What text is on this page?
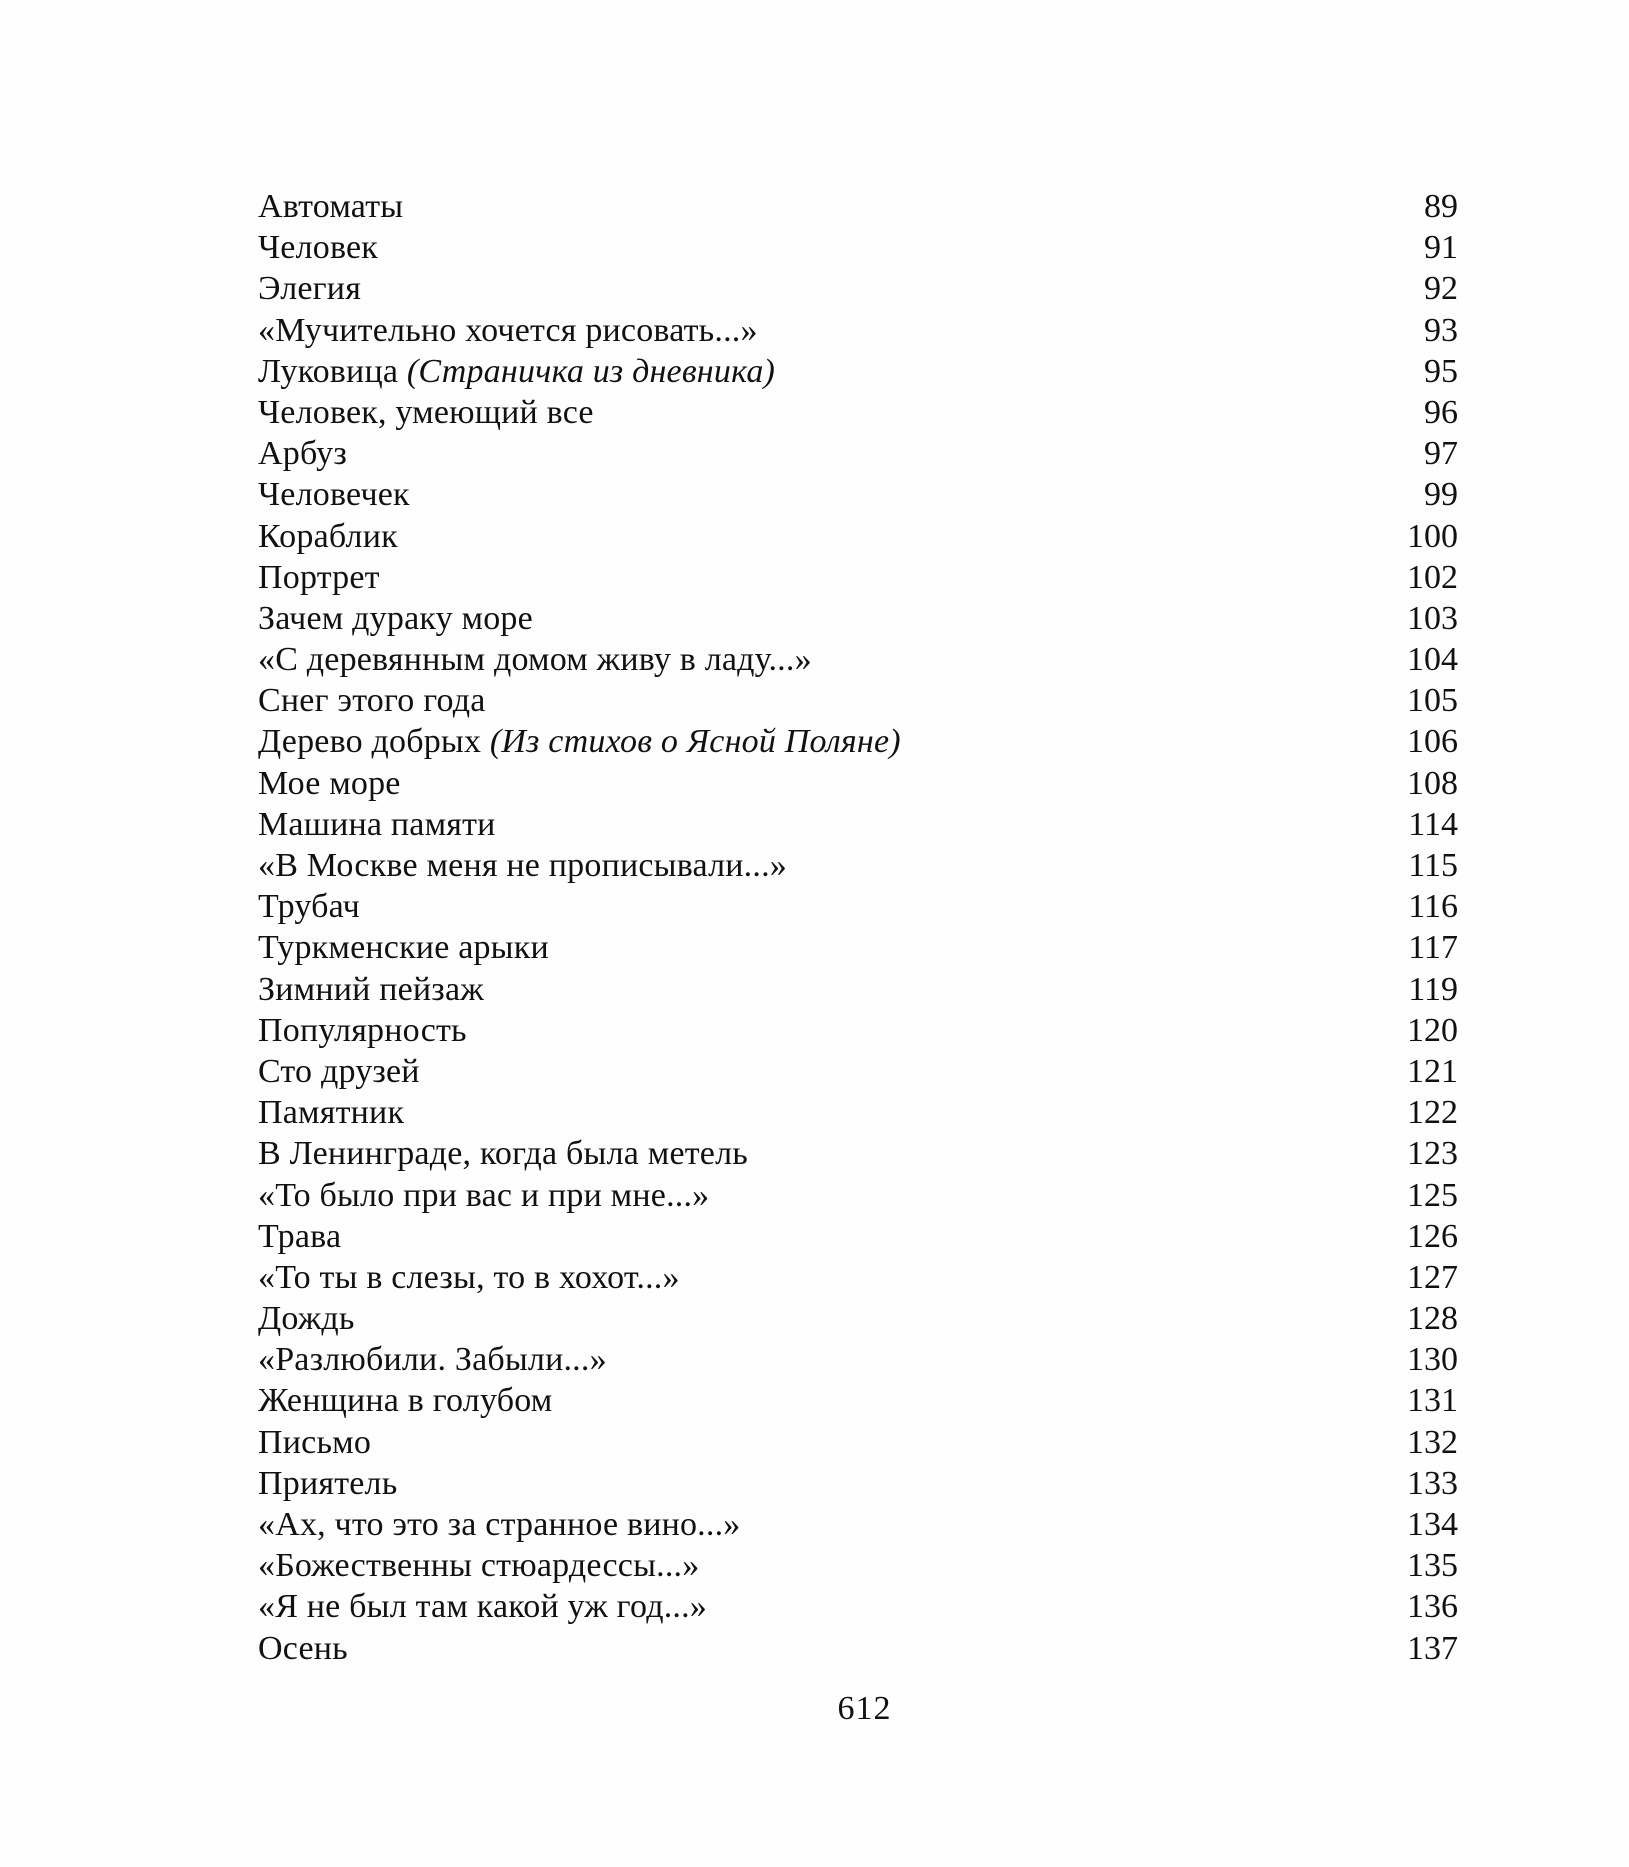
Автоматы . . .	89
Человек . . .	91
Элегия . . .	92
«Мучительно хочется рисовать...» . . .	93
Луковица (Страничка из дневника) . . .	95
Человек, умеющий все . . .	96
Арбуз . . .	97
Человечек . . .	99
Кораблик . . .	100
Портрет . . .	102
Зачем дураку море . . .	103
«С деревянным домом живу в ладу...» . . .	104
Снег этого года . . .	105
Дерево добрых (Из стихов о Ясной Поляне) . . .	106
Мое море . . .	108
Машина памяти . . .	114
«В Москве меня не прописывали...» . . .	115
Трубач . . .	116
Туркменские арыки . . .	117
Зимний пейзаж . . .	119
Популярность . . .	120
Сто друзей . . .	121
Памятник . . .	122
В Ленинграде, когда была метель . . .	123
«То было при вас и при мне...» . . .	125
Трава . . .	126
«То ты в слезы, то в хохот...» . . .	127
Дождь . . .	128
«Разлюбили. Забыли...» . . .	130
Женщина в голубом . . .	131
Письмо . . .	132
Приятель . . .	133
«Ах, что это за странное вино...» . . .	134
«Божественны стюардессы...» . . .	135
«Я не был там какой уж год...» . . .	136
Осень . . .	137
612
